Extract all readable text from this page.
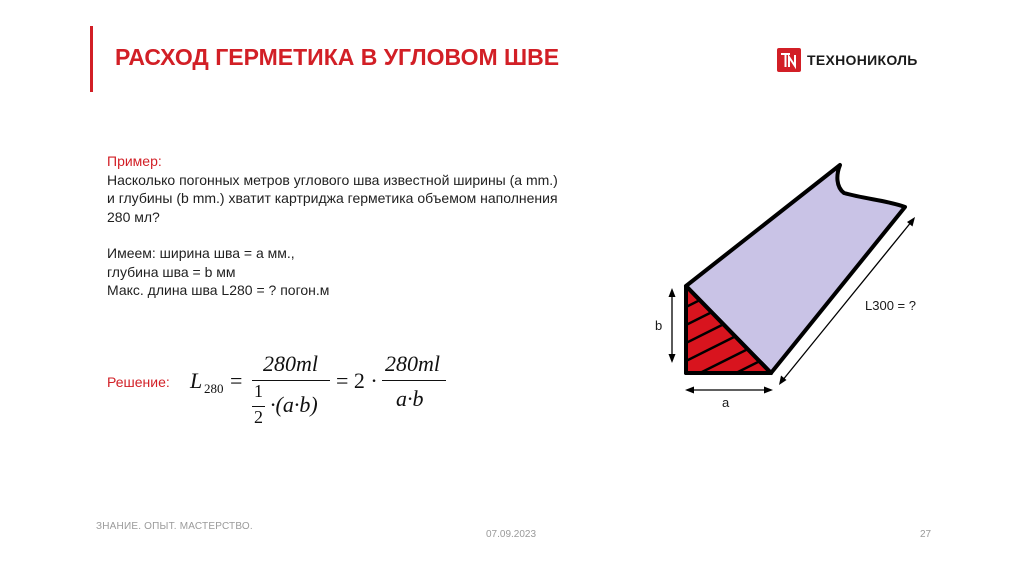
РАСХОД ГЕРМЕТИКА В УГЛОВОМ ШВЕ	ТЕХНОНИКОЛЬ

Пример:

Насколько погонных метров углового шва известной ширины (a mm.)

и глубины (b mm.) хватит картриджа герметика объемом наполнения

280 мл?

Имеем: ширина шва = a мм.,

глубина шва = b мм

Макс. длина шва L280 = ? погон.м

Решение: L 280 =
280ml
1
2 ·(a·b)
= 2 ·
280ml
a·b
b
a
L300 = ?
ЗНАНИЕ. ОПЫТ. МАСТЕРСТВО.
07.09.2023	27
